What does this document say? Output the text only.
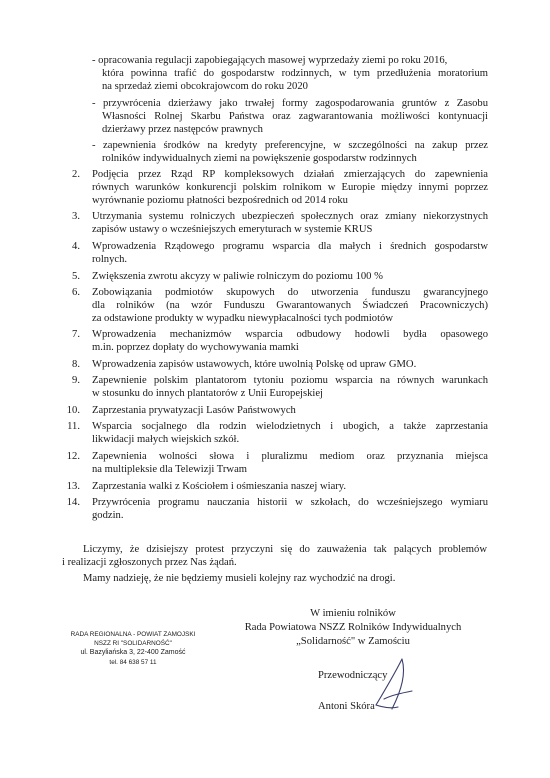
- opracowania regulacji zapobiegających masowej wyprzedaży ziemi po roku 2016,
która powinna trafić do gospodarstw rodzinnych, w tym przedłużenia moratorium
na sprzedaż ziemi obcokrajowcom do roku 2020
- przywrócenia dzierżawy jako trwałej formy zagospodarowania gruntów z Zasobu
Własności Rolnej Skarbu Państwa oraz zagwarantowania możliwości kontynuacji
dzierżawy przez następców prawnych
- zapewnienia środków na kredyty preferencyjne, w szczególności na zakup przez
rolników indywidualnych ziemi na powiększenie gospodarstw rodzinnych
2. Podjęcia przez Rząd RP kompleksowych działań zmierzających do zapewnienia
równych warunków konkurencji polskim rolnikom w Europie między innymi poprzez
wyrównanie poziomu płatności bezpośrednich od 2014 roku
3. Utrzymania systemu rolniczych ubezpieczeń społecznych oraz zmiany niekorzystnych
zapisów ustawy o wcześniejszych emeryturach w systemie KRUS
4. Wprowadzenia Rządowego programu wsparcia dla małych i średnich gospodarstw
rolnych.
5. Zwiększenia zwrotu akcyzy w paliwie rolniczym do poziomu 100 %
6. Zobowiązania podmiotów skupowych do utworzenia funduszu gwarancyjnego
dla rolników (na wzór Funduszu Gwarantowanych Świadczeń Pracowniczych)
za odstawione produkty w wypadku niewypłacalności tych podmiotów
7. Wprowadzenia mechanizmów wsparcia odbudowy hodowli bydła opasowego
m.in. poprzez dopłaty do wychowywania mamki
8. Wprowadzenia zapisów ustawowych, które uwolnią Polskę od upraw GMO.
9. Zapewnienie polskim plantatorom tytoniu poziomu wsparcia na równych warunkach
w stosunku do innych plantatorów z Unii Europejskiej
10. Zaprzestania prywatyzacji Lasów Państwowych
11. Wsparcia socjalnego dla rodzin wielodzietnych i ubogich, a także zaprzestania
likwidacji małych wiejskich szkół.
12. Zapewnienia wolności słowa i pluralizmu mediom oraz przyznania miejsca
na multipleksie dla Telewizji Trwam
13. Zaprzestania walki z Kościołem i ośmieszania naszej wiary.
14. Przywrócenia programu nauczania historii w szkołach, do wcześniejszego wymiaru
godzin.
Liczymy, że dzisiejszy protest przyczyni się do zauważenia tak palących problemów
i realizacji zgłoszonych przez Nas żądań.
Mamy nadzieję, że nie będziemy musieli kolejny raz wychodzić na drogi.
RADA REGIONALNA - POWIAT ZAMOJSKI
NSZZ RI "SOLIDARNOŚĆ"
ul. Bazyliańska 3, 22-400 Zamość
tel. 84 638 57 11
W imieniu rolników
Rada Powiatowa NSZZ Rolników Indywidualnych
„Solidarność" w Zamościu
Przewodniczący
Antoni Skóra
